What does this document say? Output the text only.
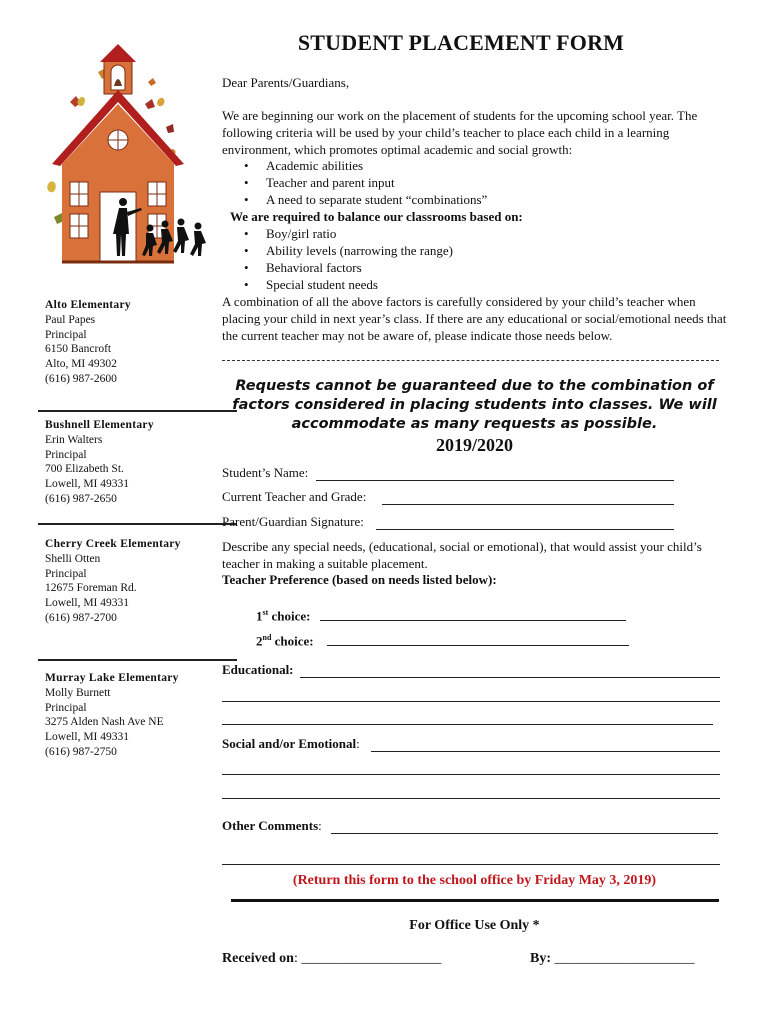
Alto Elementary
Paul Papes
Principal
6150 Bancroft
Alto, MI 49302
(616) 987-2600
Bushnell Elementary
Erin Walters
Principal
700 Elizabeth St.
Lowell, MI 49331
(616) 987-2650
Cherry Creek Elementary
Shelli Otten
Principal
12675 Foreman Rd.
Lowell, MI 49331
(616) 987-2700
Murray Lake Elementary
Molly Burnett
Principal
3275 Alden Nash Ave NE
Lowell, MI 49331
(616) 987-2750
STUDENT PLACEMENT FORM
Dear Parents/Guardians,
We are beginning our work on the placement of students for the upcoming school year. The following criteria will be used by your child’s teacher to place each child in a learning environment, which promotes optimal academic and social growth:
• Academic abilities
• Teacher and parent input
• A need to separate student “combinations”
We are required to balance our classrooms based on:
• Boy/girl ratio
• Ability levels (narrowing the range)
• Behavioral factors
• Special student needs
A combination of all the above factors is carefully considered by your child’s teacher when placing your child in next year’s class. If there are any educational or social/emotional needs that the current teacher may not be aware of, please indicate those needs below.
Requests cannot be guaranteed due to the combination of factors considered in placing students into classes. We will accommodate as many requests as possible.
2019/2020
Student’s Name:
Current Teacher and Grade:
Parent/Guardian Signature:
Describe any special needs, (educational, social or emotional), that would assist your child’s teacher in making a suitable placement.
Teacher Preference (based on needs listed below):
1st choice:
2nd choice:
Educational:
Social and/or Emotional:
Other Comments:
(Return this form to the school office by Friday May 3, 2019)
For Office Use Only *
Received on: ____________________	By: ____________________
